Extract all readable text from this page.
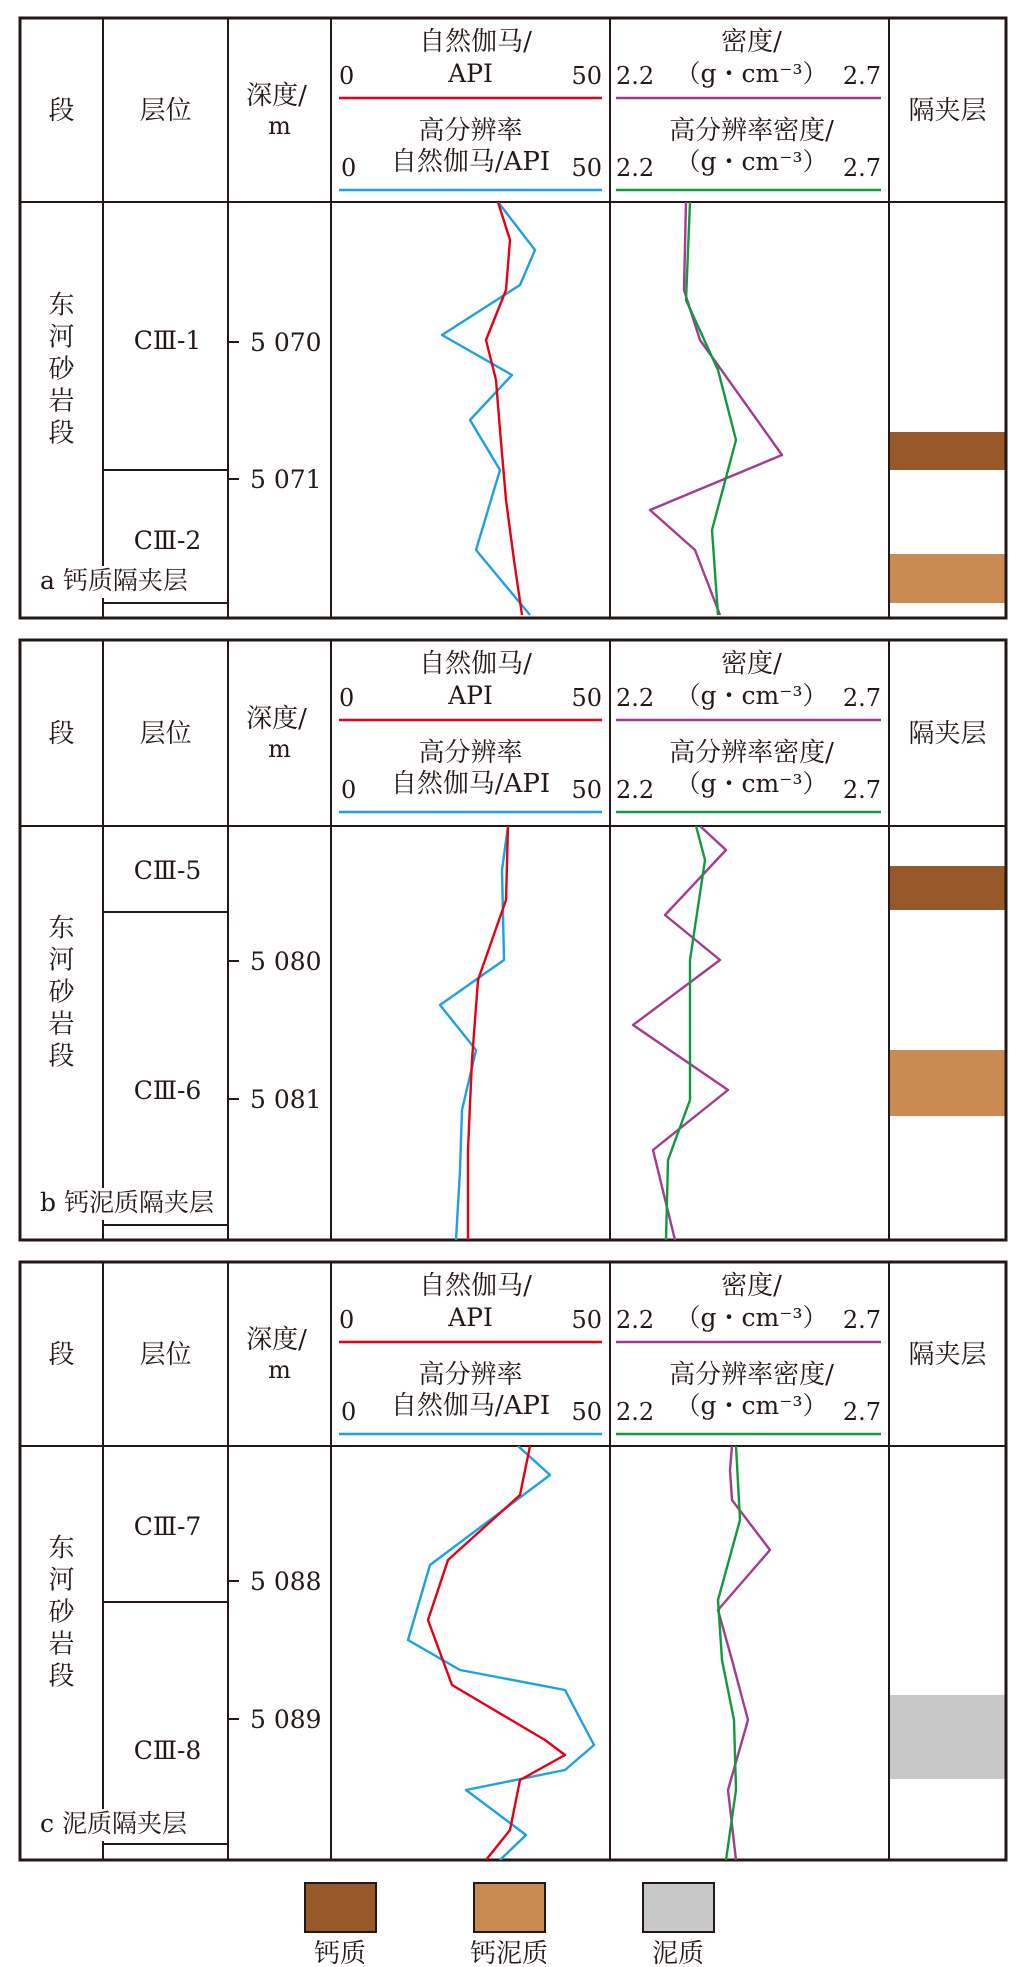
段 层位 深度/
m	隔夹层
自然伽马/
API
0	50
高分辨率
自然伽马/API
0	50
密度/
（g・cm⁻³）
2.2	2.7
高分辨率密度/
（g・cm⁻³）
2.2	2.7
东
河
砂
岩
段
CⅢ-1
CⅢ-2
5 070
5 071
a 钙质隔夹层
段 层位 深度/
m	隔夹层
自然伽马/
API
0	50
高分辨率
自然伽马/API
0	50
密度/
（g・cm⁻³）
2.2	2.7
高分辨率密度/
（g・cm⁻³）
2.2	2.7
东
河
砂
岩
段
CⅢ-5
CⅢ-6
5 080
5 081
b 钙泥质隔夹层
段 层位 深度/
m	隔夹层
自然伽马/
API
0	50
高分辨率
自然伽马/API
0	50
密度/
（g・cm⁻³）
2.2	2.7
高分辨率密度/
（g・cm⁻³）
2.2	2.7
东
河
砂
岩
段
CⅢ-7
CⅢ-8
5 088
5 089
c 泥质隔夹层
钙质	钙泥质	泥质
